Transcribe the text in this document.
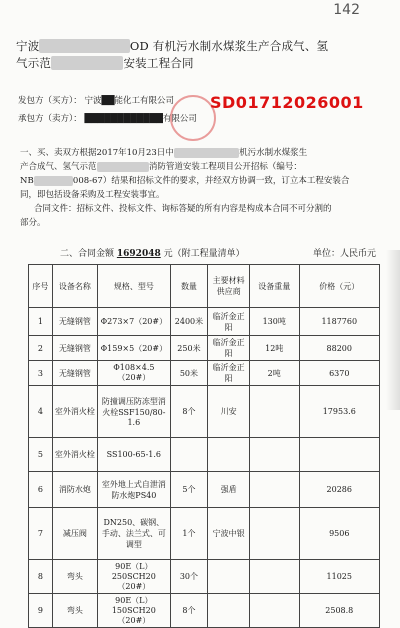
142
宁波	OD 有机污水制水煤浆生产合成气、氢
气示范	安装工程合同
发包方（买方）： 宁波██能化工有限公司
承包方（卖方）： ████████████有限公司
SD01712026001
一、买、卖双方根据2017年10月23日中	机污水制水煤浆生
产合成气、氢气示范	消防管道安装工程项目公开招标（编号：
NB	008-67）结果和招标文件的要求，并经双方协调一致，订立本工程安装合
同，即包括设备采购及工程安装事宜。
合同文件：招标文件、投标文件、询标答疑的所有内容是构成本合同不可分割的
部分。
二、合同金额 1692048 元（附工程量清单）	单位：人民币元
序号	设备名称	规格、型号	数量	主要材料供应商	设备重量	价格（元）
1	无缝钢管	Φ273×7（20#）	2400米	临沂金正阳	130吨	1187760
2	无缝钢管	Φ159×5（20#）	250米	临沂金正阳	12吨	88200
3	无缝钢管	Φ108×4.5（20#）	50米	临沂金正阳	2吨	6370
4	室外消火栓	防撞调压防冻型消火栓SSF150/80-1.6	8个	川安		17953.6
5	室外消火栓	SS100-65-1.6				
6	消防水炮	室外地上式自泄消防水炮PS40	5个	强盾		20286
7	减压阀	DN250、碳钢、手动、法兰式、可调型	1个	宁波中银		9506
8	弯头	90E（L）250SCH20（20#）	30个			11025
9	弯头	90E（L）150SCH20（20#）	8个			2508.8
